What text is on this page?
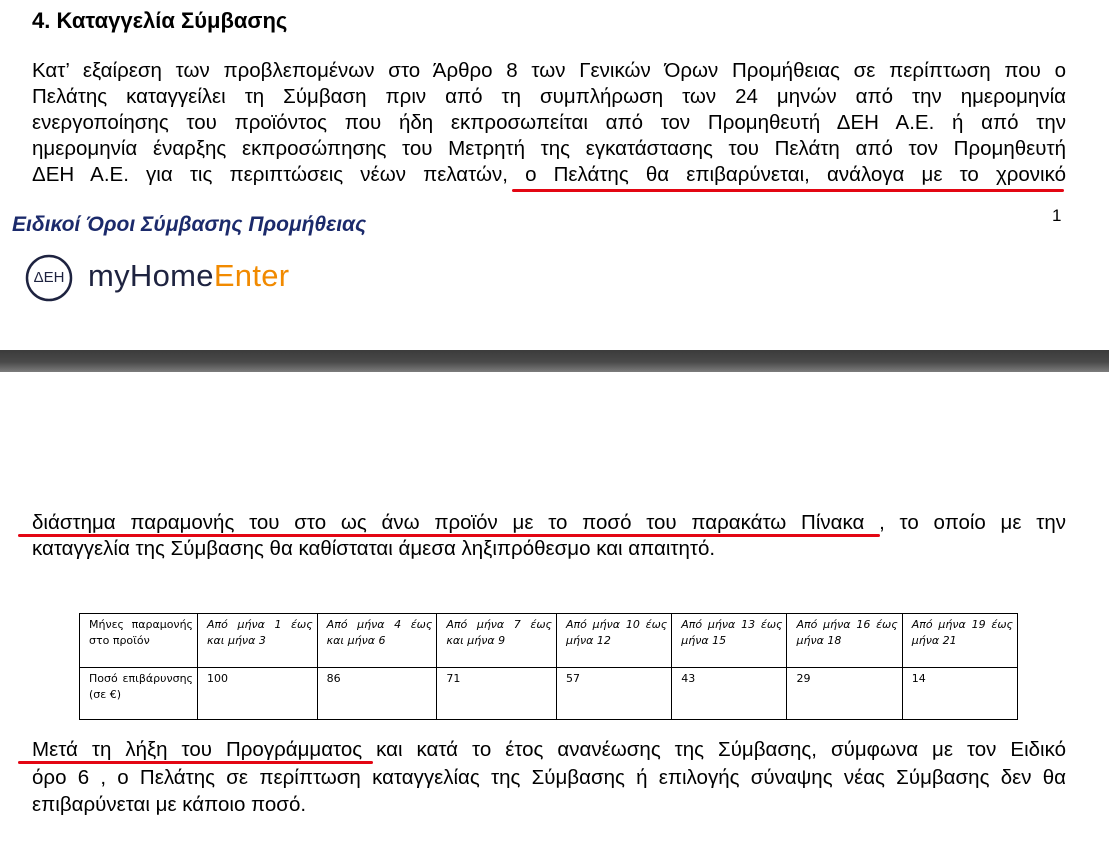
4. Καταγγελία Σύμβασης
Κατ’ εξαίρεση των προβλεπομένων στο Άρθρο 8 των Γενικών Όρων Προμήθειας σε περίπτωση που ο
Πελάτης καταγγείλει τη Σύμβαση πριν από τη συμπλήρωση των 24 μηνών από την ημερομηνία
ενεργοποίησης του προϊόντος που ήδη εκπροσωπείται από τον Προμηθευτή ΔΕΗ Α.Ε. ή από την
ημερομηνία έναρξης εκπροσώπησης του Μετρητή της εγκατάστασης του Πελάτη από τον Προμηθευτή
ΔΕΗ Α.Ε. για τις περιπτώσεις νέων πελατών, ο Πελάτης θα επιβαρύνεται, ανάλογα με το χρονικό
Ειδικοί Όροι Σύμβασης Προμήθειας	1
ΔΕΗ myHomeEnter
διάστημα παραμονής του στο ως άνω προϊόν με το ποσό του παρακάτω Πίνακα , το οποίο με την
καταγγελία της Σύμβασης θα καθίσταται άμεσα ληξιπρόθεσμο και απαιτητό.
Μήνες παραμονής στο προϊόν	Από μήνα 1 έως και μήνα 3	Από μήνα 4 έως και μήνα 6	Από μήνα 7 έως και μήνα 9	Από μήνα 10 έως μήνα 12	Από μήνα 13 έως μήνα 15	Από μήνα 16 έως μήνα 18	Από μήνα 19 έως μήνα 21
Ποσό επιβάρυνσης (σε €)	100	86	71	57	43	29	14
Μετά τη λήξη του Προγράμματος και κατά το έτος ανανέωσης της Σύμβασης, σύμφωνα με τον Ειδικό
όρο 6 , ο Πελάτης σε περίπτωση καταγγελίας της Σύμβασης ή επιλογής σύναψης νέας Σύμβασης δεν θα
επιβαρύνεται με κάποιο ποσό.
